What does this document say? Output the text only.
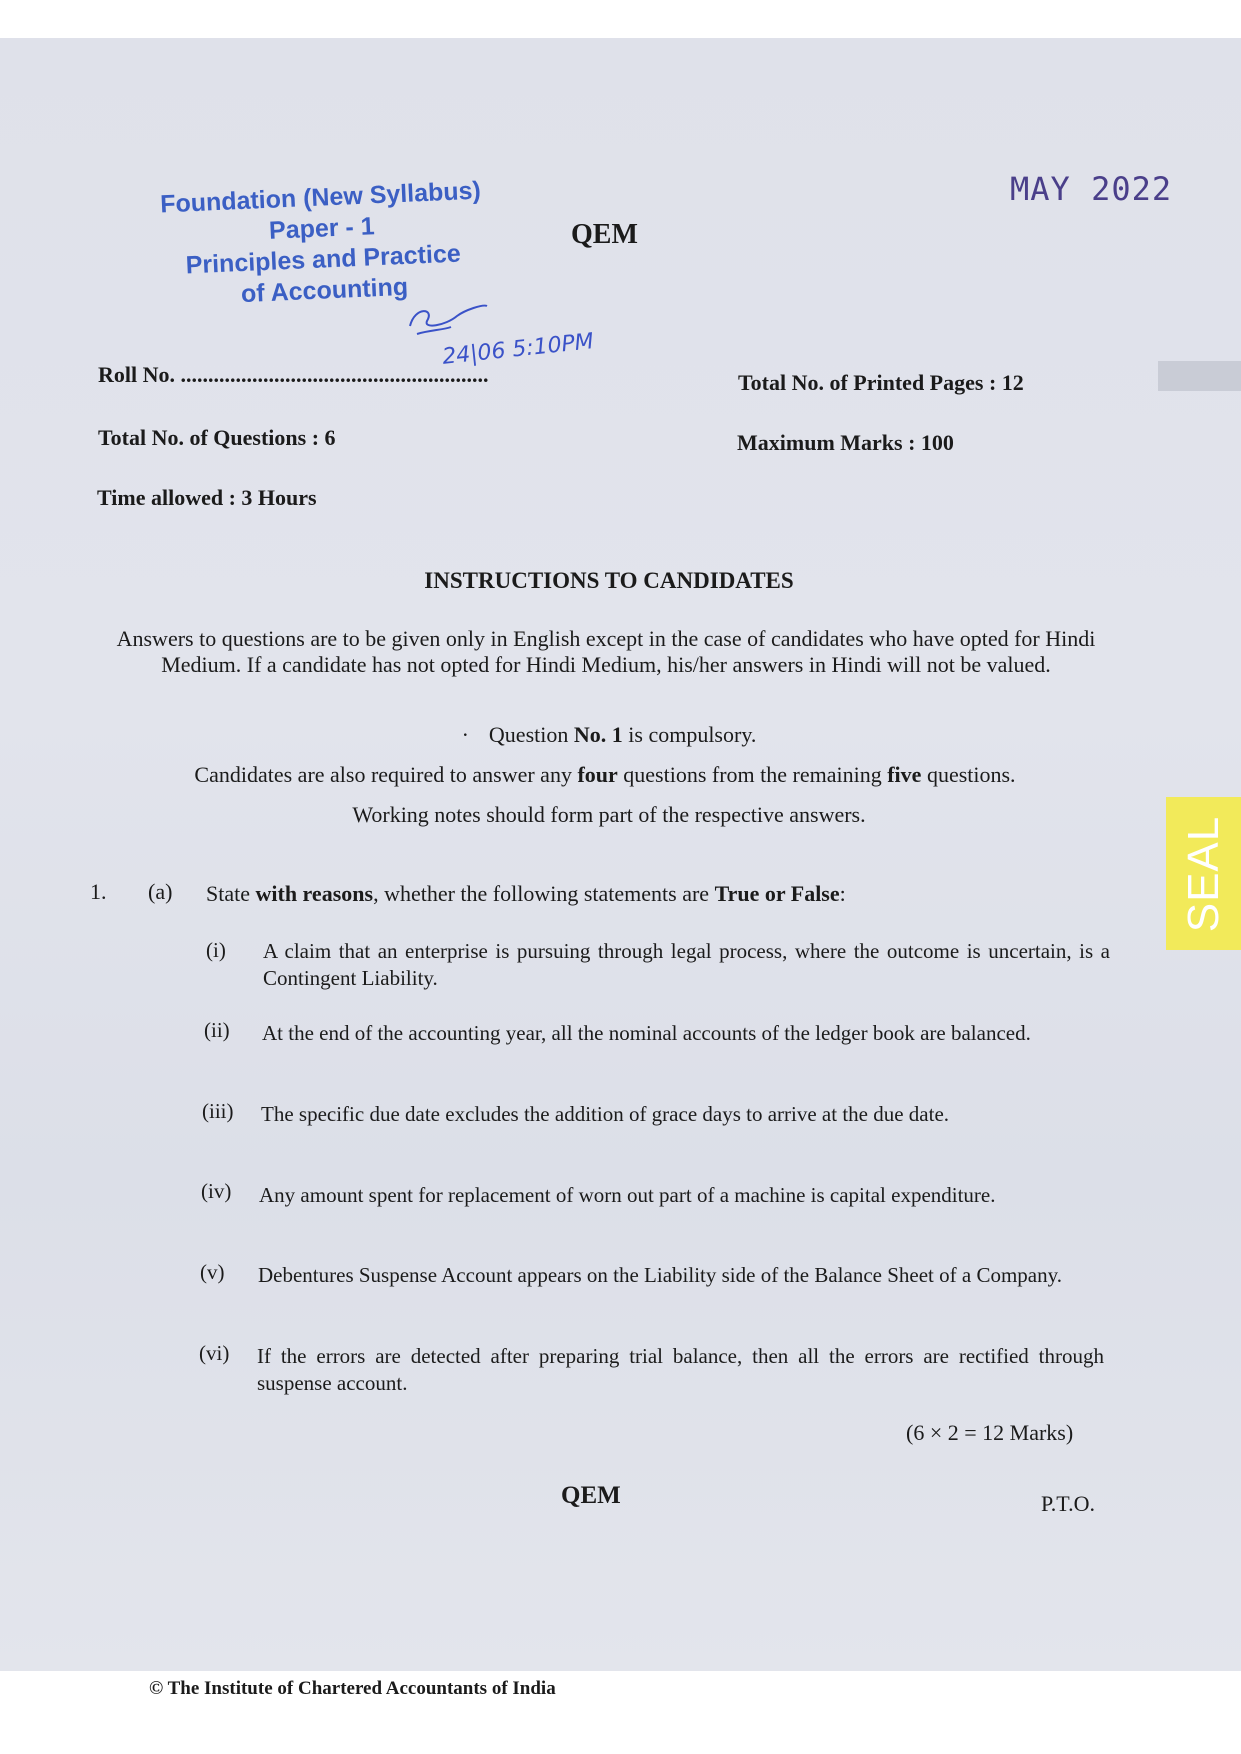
Foundation (New Syllabus)
Paper - 1
Principles and Practice
of Accounting
24|06 5:10PM
MAY 2022
QEM
Roll No. ........................................................	Total No. of Printed Pages : 12
Total No. of Questions : 6	Maximum Marks : 100
Time allowed : 3 Hours
INSTRUCTIONS TO CANDIDATES
Answers to questions are to be given only in English except in the case of candidates who have opted for Hindi Medium. If a candidate has not opted for Hindi Medium, his/her answers in Hindi will not be valued.
· Question No. 1 is compulsory.
Candidates are also required to answer any four questions from the remaining five questions.
Working notes should form part of the respective answers.
1. (a) State with reasons, whether the following statements are True or False:
(i) A claim that an enterprise is pursuing through legal process, where the outcome is uncertain, is a Contingent Liability.
(ii) At the end of the accounting year, all the nominal accounts of the ledger book are balanced.
(iii) The specific due date excludes the addition of grace days to arrive at the due date.
(iv) Any amount spent for replacement of worn out part of a machine is capital expenditure.
(v) Debentures Suspense Account appears on the Liability side of the Balance Sheet of a Company.
(vi) If the errors are detected after preparing trial balance, then all the errors are rectified through suspense account.
(6 × 2 = 12 Marks)
QEM	P.T.O.
SEAL
© The Institute of Chartered Accountants of India
